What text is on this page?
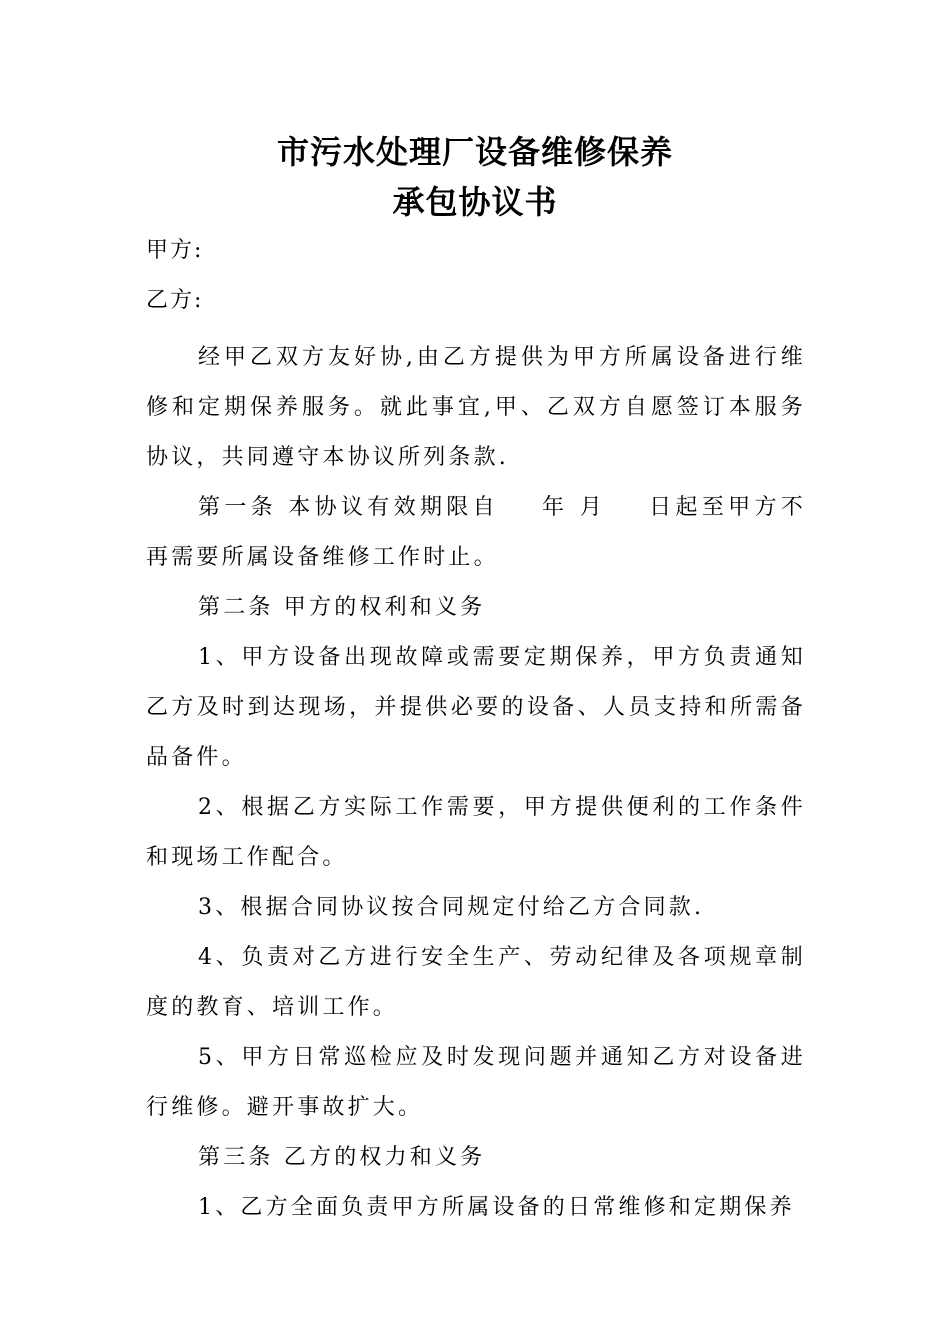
市污水处理厂设备维修保养
承包协议书
甲方:
乙方:

经甲乙双方友好协,由乙方提供为甲方所属设备进行维修和定期保养服务。就此事宜,甲、乙双方自愿签订本服务协议，共同遵守本协议所列条款.

第一条 本协议有效期限自 年 月 日起至甲方不再需要所属设备维修工作时止。

第二条 甲方的权利和义务

1、甲方设备出现故障或需要定期保养，甲方负责通知乙方及时到达现场，并提供必要的设备、人员支持和所需备品备件。

2、根据乙方实际工作需要，甲方提供便利的工作条件和现场工作配合。

3、根据合同协议按合同规定付给乙方合同款.

4、负责对乙方进行安全生产、劳动纪律及各项规章制度的教育、培训工作。

5、甲方日常巡检应及时发现问题并通知乙方对设备进行维修。避开事故扩大。

第三条 乙方的权力和义务

1、乙方全面负责甲方所属设备的日常维修和定期保养
